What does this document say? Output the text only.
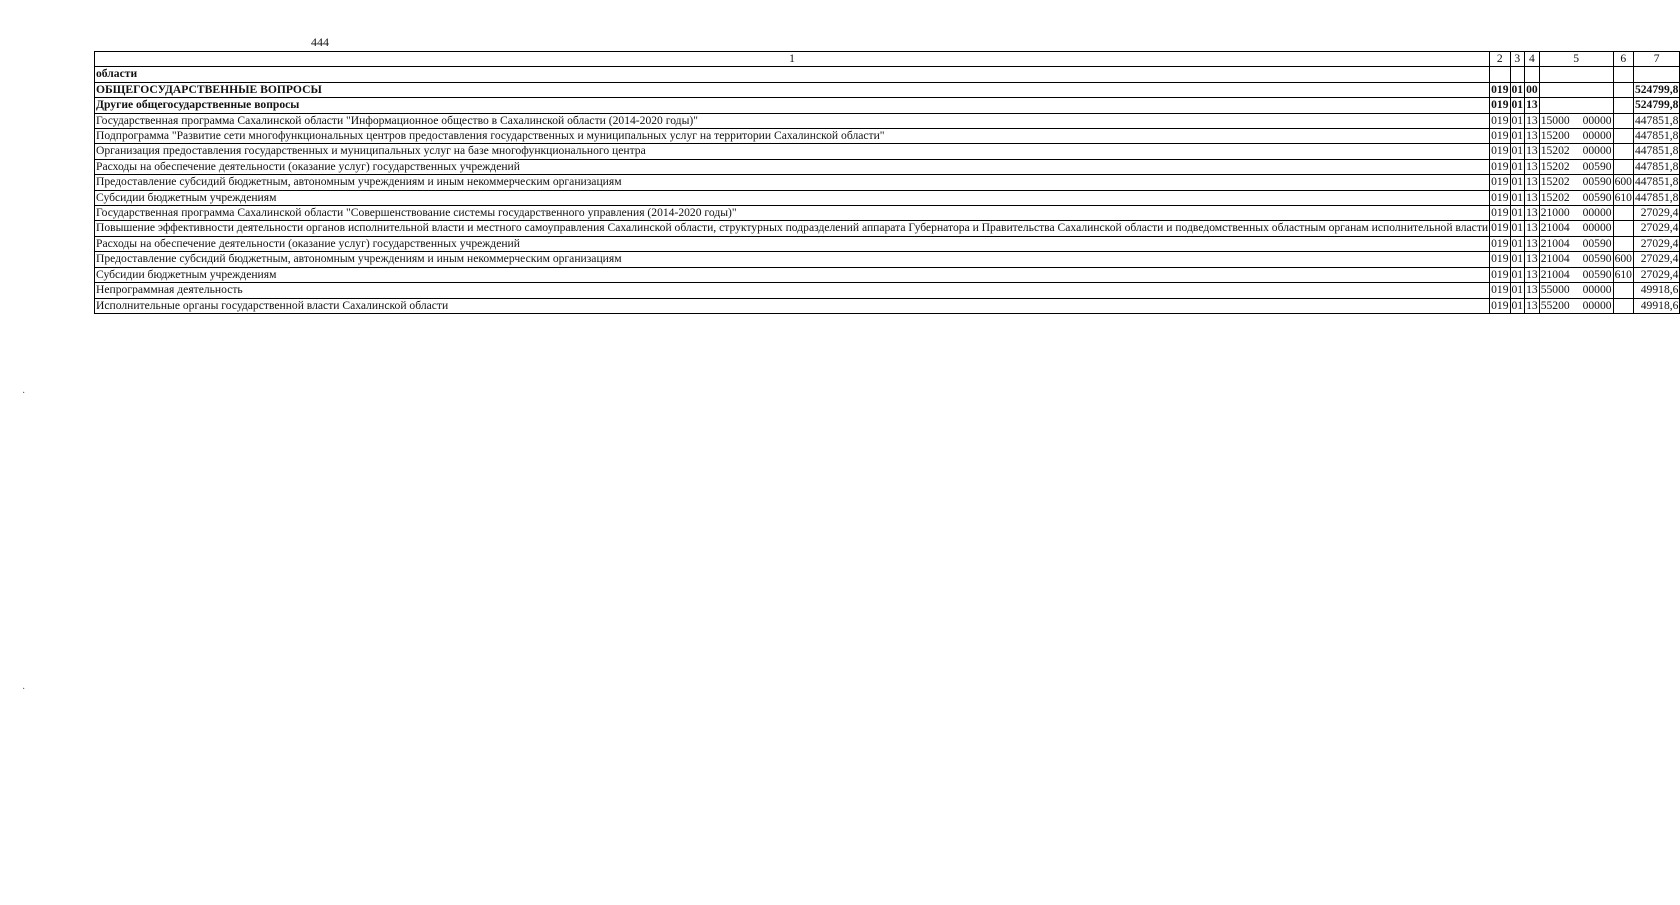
444
1	2	3	4	5	6	7
области						
ОБЩЕГОСУДАРСТВЕННЫЕ ВОПРОСЫ	019	01	00			524799,8
Другие общегосударственные вопросы	019	01	13			524799,8
Государственная программа Сахалинской области "Информационное общество в Сахалинской области (2014-2020 годы)"	019	01	13	15000 00000		447851,8
Подпрограмма "Развитие сети многофункциональных центров предоставления государственных и муниципальных услуг на территории Сахалинской области"	019	01	13	15200 00000		447851,8
Организация предоставления государственных и муниципальных услуг на базе многофункционального центра	019	01	13	15202 00000		447851,8
Расходы на обеспечение деятельности (оказание услуг) государственных учреждений	019	01	13	15202 00590		447851,8
Предоставление субсидий бюджетным, автономным учреждениям и иным некоммерческим организациям	019	01	13	15202 00590	600	447851,8
Субсидии бюджетным учреждениям	019	01	13	15202 00590	610	447851,8
Государственная программа Сахалинской области "Совершенствование системы государственного управления (2014-2020 годы)"	019	01	13	21000 00000		27029,4
Повышение эффективности деятельности органов исполнительной власти и местного самоуправления Сахалинской области, структурных подразделений аппарата Губернатора и Правительства Сахалинской области и подведомственных областным органам исполнительной власти	019	01	13	21004 00000		27029,4
Расходы на обеспечение деятельности (оказание услуг) государственных учреждений	019	01	13	21004 00590		27029,4
Предоставление субсидий бюджетным, автономным учреждениям и иным некоммерческим организациям	019	01	13	21004 00590	600	27029,4
Субсидии бюджетным учреждениям	019	01	13	21004 00590	610	27029,4
Непрограммная деятельность	019	01	13	55000 00000		49918,6
Исполнительные органы государственной власти Сахалинской области	019	01	13	55200 00000		49918,6
·
·
